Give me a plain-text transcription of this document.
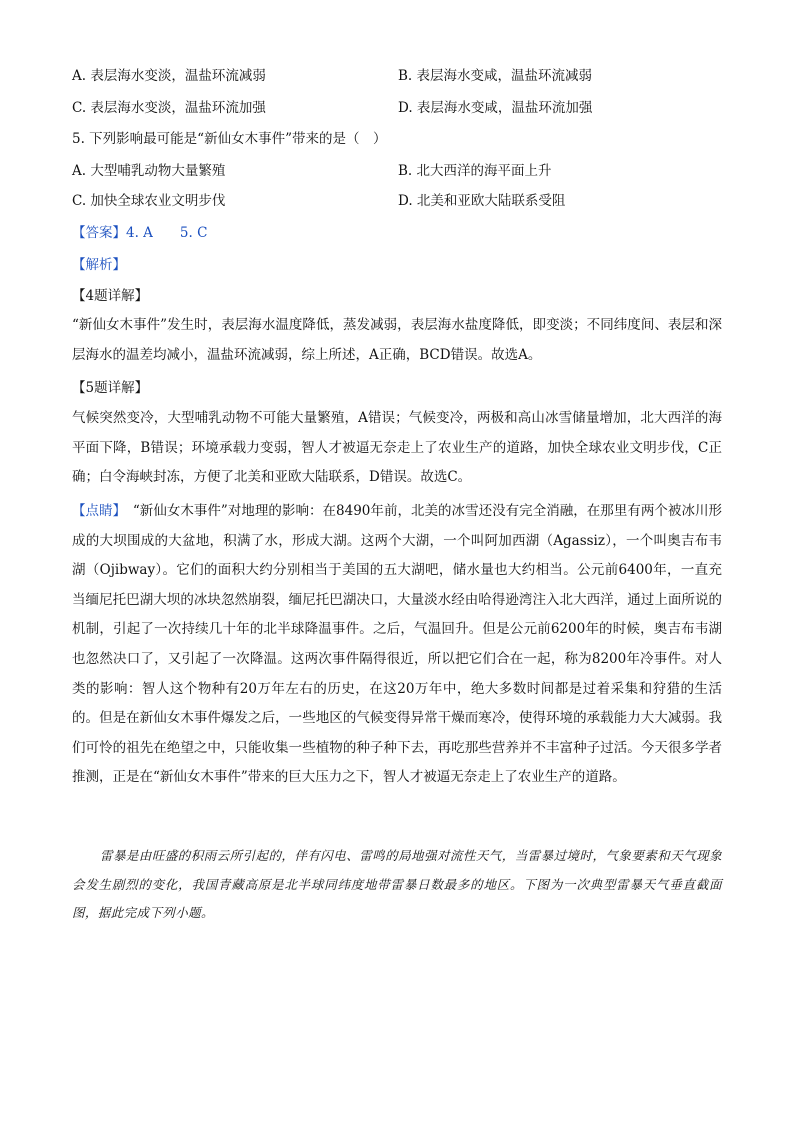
A. 表层海水变淡，温盐环流减弱	B. 表层海水变咸，温盐环流减弱
C. 表层海水变淡，温盐环流加强	D. 表层海水变咸，温盐环流加强
5. 下列影响最可能是“新仙女木事件”带来的是（　）
A. 大型哺乳动物大量繁殖	B. 北大西洋的海平面上升
C. 加快全球农业文明步伐	D. 北美和亚欧大陆联系受阻
【答案】4. A　　5. C
【解析】
【4题详解】
“新仙女木事件”发生时，表层海水温度降低，蒸发减弱，表层海水盐度降低，即变淡；不同纬度间、表层和深层海水的温差均减小，温盐环流减弱，综上所述，A正确，BCD错误。故选A。
【5题详解】
气候突然变冷，大型哺乳动物不可能大量繁殖，A错误；气候变冷，两极和高山冰雪储量增加，北大西洋的海平面下降，B错误；环境承载力变弱，智人才被逼无奈走上了农业生产的道路，加快全球农业文明步伐，C正确；白令海峡封冻，方便了北美和亚欧大陆联系，D错误。故选C。
【点睛】　“新仙女木事件”对地理的影响：在8490年前，北美的冰雪还没有完全消融，在那里有两个被冰川形成的大坝围成的大盆地，积满了水，形成大湖。这两个大湖，一个叫阿加西湖（Agassiz），一个叫奥吉布韦湖（Ojibway）。它们的面积大约分别相当于美国的五大湖吧，储水量也大约相当。公元前6400年，一直充当缅尼托巴湖大坝的冰块忽然崩裂，缅尼托巴湖决口，大量淡水经由哈得逊湾注入北大西洋，通过上面所说的机制，引起了一次持续几十年的北半球降温事件。之后，气温回升。但是公元前6200年的时候，奥吉布韦湖也忽然决口了，又引起了一次降温。这两次事件隔得很近，所以把它们合在一起，称为8200年冷事件。对人类的影响：智人这个物种有20万年左右的历史，在这20万年中，绝大多数时间都是过着采集和狩猎的生活的。但是在新仙女木事件爆发之后，一些地区的气候变得异常干燥而寒冷，使得环境的承载能力大大减弱。我们可怜的祖先在绝望之中，只能收集一些植物的种子种下去，再吃那些营养并不丰富种子过活。今天很多学者推测，正是在“新仙女木事件”带来的巨大压力之下，智人才被逼无奈走上了农业生产的道路。
雷暴是由旺盛的积雨云所引起的，伴有闪电、雷鸣的局地强对流性天气，当雷暴过境时，气象要素和天气现象会发生剧烈的变化，我国青藏高原是北半球同纬度地带雷暴日数最多的地区。下图为一次典型雷暴天气垂直截面图，据此完成下列小题。
